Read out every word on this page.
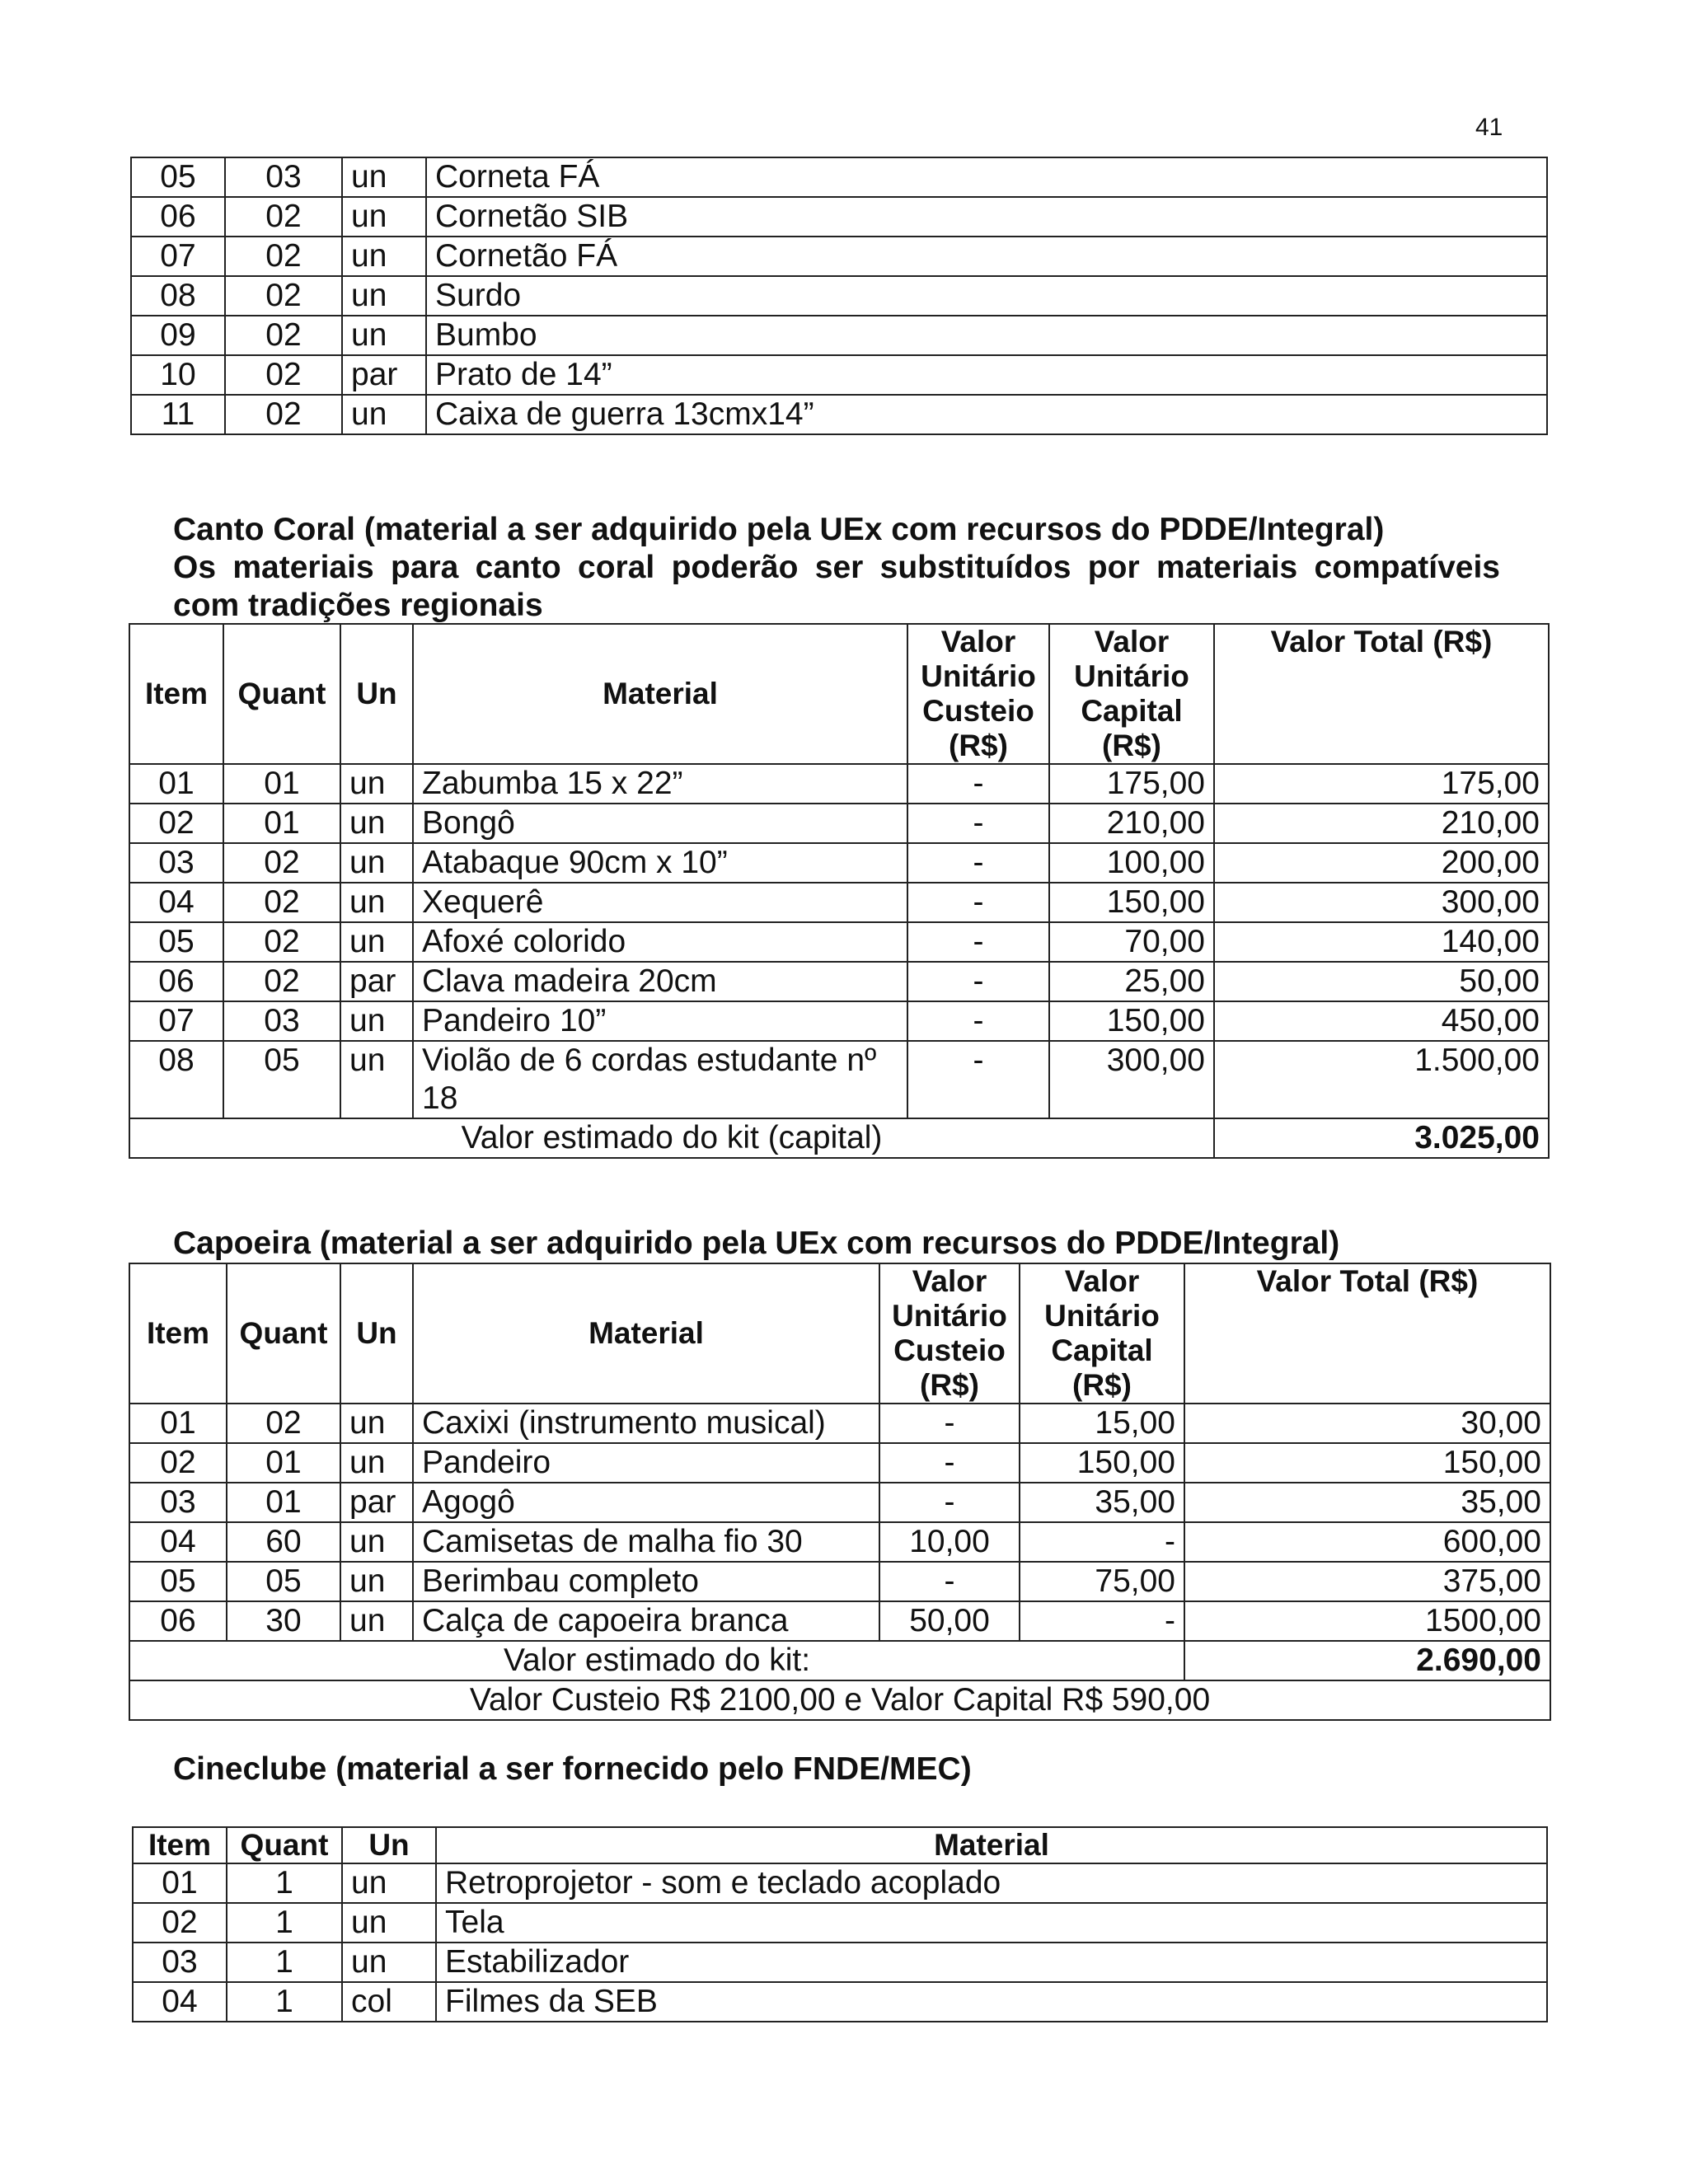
41
05	03	un	Corneta FÁ
06	02	un	Cornetão SIB
07	02	un	Cornetão FÁ
08	02	un	Surdo
09	02	un	Bumbo
10	02	par	Prato de 14”
11	02	un	Caixa de guerra 13cmx14”
Canto Coral (material a ser adquirido pela UEx com recursos do PDDE/Integral)
Os materiais para canto coral poderão ser substituídos por materiais compatíveis
com tradições regionais
Item	Quant	Un	Material	Valor Unitário Custeio (R$)	Valor Unitário Capital (R$)	Valor Total (R$)
01	01	un	Zabumba 15 x 22”	-	175,00	175,00
02	01	un	Bongô	-	210,00	210,00
03	02	un	Atabaque 90cm x 10”	-	100,00	200,00
04	02	un	Xequerê	-	150,00	300,00
05	02	un	Afoxé colorido	-	70,00	140,00
06	02	par	Clava madeira 20cm	-	25,00	50,00
07	03	un	Pandeiro 10”	-	150,00	450,00
08	05	un	Violão de 6 cordas estudante nº 18	-	300,00	1.500,00
Valor estimado do kit (capital)						3.025,00
Capoeira (material a ser adquirido pela UEx com recursos do PDDE/Integral)
Item	Quant	Un	Material	Valor Unitário Custeio (R$)	Valor Unitário Capital (R$)	Valor Total (R$)
01	02	un	Caxixi (instrumento musical)	-	15,00	30,00
02	01	un	Pandeiro	-	150,00	150,00
03	01	par	Agogô	-	35,00	35,00
04	60	un	Camisetas de malha fio 30	10,00	-	600,00
05	05	un	Berimbau completo	-	75,00	375,00
06	30	un	Calça de capoeira branca	50,00	-	1500,00
Valor estimado do kit:						2.690,00
Valor Custeio R$ 2100,00 e Valor Capital R$ 590,00						
Cineclube (material a ser fornecido pelo FNDE/MEC)
Item	Quant	Un	Material
01	1	un	Retroprojetor - som e teclado acoplado
02	1	un	Tela
03	1	un	Estabilizador
04	1	col	Filmes da SEB
